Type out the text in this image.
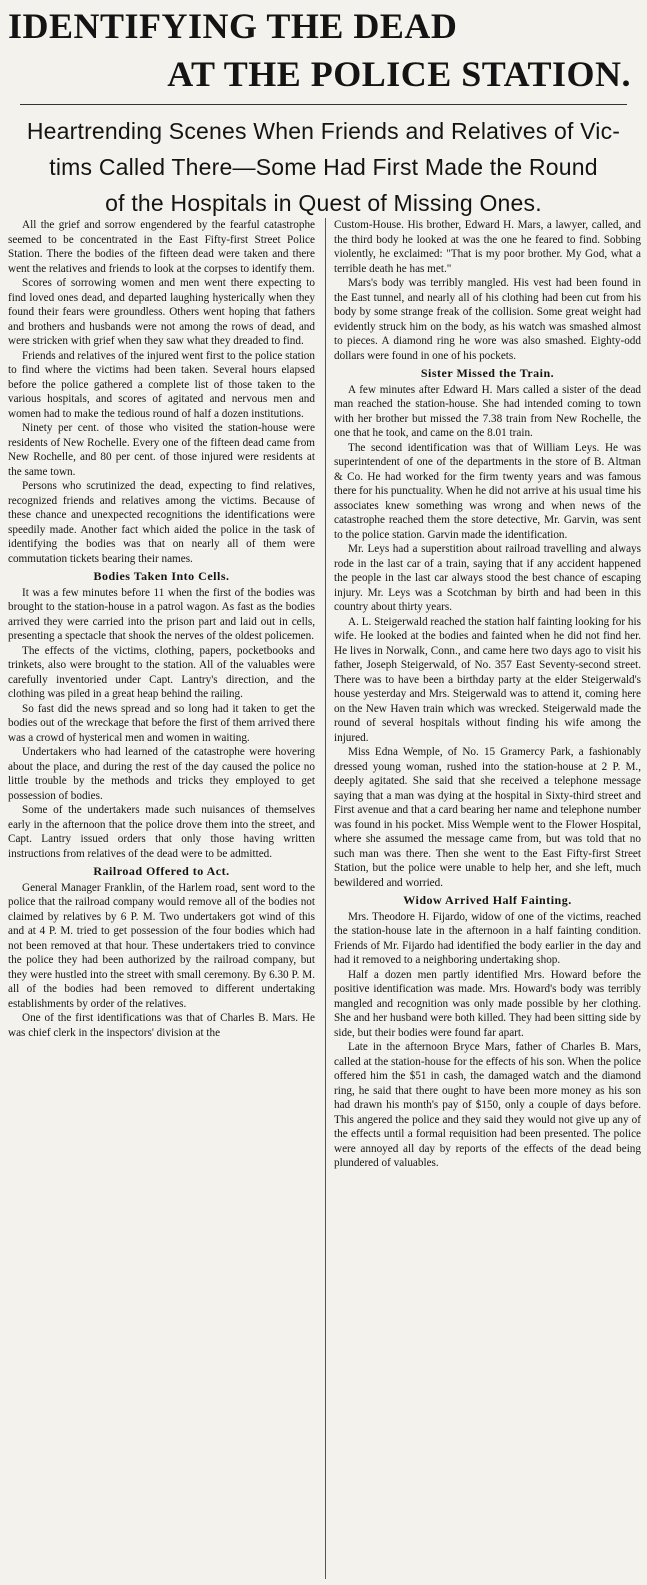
IDENTIFYING THE DEAD
AT THE POLICE STATION.
Heartrending Scenes When Friends and Relatives of Vic-
tims Called There—Some Had First Made the Round
of the Hospitals in Quest of Missing Ones.

All the grief and sorrow engendered by the fearful catastrophe seemed to be concentrated in the East Fifty-first Street Police Station. There the bodies of the fifteen dead were taken and there went the relatives and friends to look at the corpses to identify them.

Scores of sorrowing women and men went there expecting to find loved ones dead, and departed laughing hysterically when they found their fears were groundless. Others went hoping that fathers and brothers and husbands were not among the rows of dead, and were stricken with grief when they saw what they dreaded to find.

Friends and relatives of the injured went first to the police station to find where the victims had been taken. Several hours elapsed before the police gathered a complete list of those taken to the various hospitals, and scores of agitated and nervous men and women had to make the tedious round of half a dozen institutions.

Ninety per cent. of those who visited the station-house were residents of New Rochelle. Every one of the fifteen dead came from New Rochelle, and 80 per cent. of those injured were residents at the same town.

Persons who scrutinized the dead, expecting to find relatives, recognized friends and relatives among the victims. Because of these chance and unexpected recognitions the identifications were speedily made. Another fact which aided the police in the task of identifying the bodies was that on nearly all of them were commutation tickets bearing their names.

Bodies Taken Into Cells.

It was a few minutes before 11 when the first of the bodies was brought to the station-house in a patrol wagon. As fast as the bodies arrived they were carried into the prison part and laid out in cells, presenting a spectacle that shook the nerves of the oldest policemen.

The effects of the victims, clothing, papers, pocketbooks and trinkets, also were brought to the station. All of the valuables were carefully inventoried under Capt. Lantry's direction, and the clothing was piled in a great heap behind the railing.

So fast did the news spread and so long had it taken to get the bodies out of the wreckage that before the first of them arrived there was a crowd of hysterical men and women in waiting.

Undertakers who had learned of the catastrophe were hovering about the place, and during the rest of the day caused the police no little trouble by the methods and tricks they employed to get possession of bodies.

Some of the undertakers made such nuisances of themselves early in the afternoon that the police drove them into the street, and Capt. Lantry issued orders that only those having written instructions from relatives of the dead were to be admitted.

Railroad Offered to Act.

General Manager Franklin, of the Harlem road, sent word to the police that the railroad company would remove all of the bodies not claimed by relatives by 6 P. M. Two undertakers got wind of this and at 4 P. M. tried to get possession of the four bodies which had not been removed at that hour. These undertakers tried to convince the police they had been authorized by the railroad company, but they were hustled into the street with small ceremony. By 6.30 P. M. all of the bodies had been removed to different undertaking establishments by order of the relatives.

One of the first identifications was that of Charles B. Mars. He was chief clerk in the inspectors' division at the

Custom-House. His brother, Edward H. Mars, a lawyer, called, and the third body he looked at was the one he feared to find. Sobbing violently, he exclaimed: "That is my poor brother. My God, what a terrible death he has met."

Mars's body was terribly mangled. His vest had been found in the East tunnel, and nearly all of his clothing had been cut from his body by some strange freak of the collision. Some great weight had evidently struck him on the body, as his watch was smashed almost to pieces. A diamond ring he wore was also smashed. Eighty-odd dollars were found in one of his pockets.

Sister Missed the Train.

A few minutes after Edward H. Mars called a sister of the dead man reached the station-house. She had intended coming to town with her brother but missed the 7.38 train from New Rochelle, the one that he took, and came on the 8.01 train.

The second identification was that of William Leys. He was superintendent of one of the departments in the store of B. Altman & Co. He had worked for the firm twenty years and was famous there for his punctuality. When he did not arrive at his usual time his associates knew something was wrong and when news of the catastrophe reached them the store detective, Mr. Garvin, was sent to the police station. Garvin made the identification.

Mr. Leys had a superstition about railroad travelling and always rode in the last car of a train, saying that if any accident happened the people in the last car always stood the best chance of escaping injury. Mr. Leys was a Scotchman by birth and had been in this country about thirty years.

A. L. Steigerwald reached the station half fainting looking for his wife. He looked at the bodies and fainted when he did not find her. He lives in Norwalk, Conn., and came here two days ago to visit his father, Joseph Steigerwald, of No. 357 East Seventy-second street. There was to have been a birthday party at the elder Steigerwald's house yesterday and Mrs. Steigerwald was to attend it, coming here on the New Haven train which was wrecked. Steigerwald made the round of several hospitals without finding his wife among the injured.

Miss Edna Wemple, of No. 15 Gramercy Park, a fashionably dressed young woman, rushed into the station-house at 2 P. M., deeply agitated. She said that she received a telephone message saying that a man was dying at the hospital in Sixty-third street and First avenue and that a card bearing her name and telephone number was found in his pocket. Miss Wemple went to the Flower Hospital, where she assumed the message came from, but was told that no such man was there. Then she went to the East Fifty-first Street Station, but the police were unable to help her, and she left, much bewildered and worried.

Widow Arrived Half Fainting.

Mrs. Theodore H. Fijardo, widow of one of the victims, reached the station-house late in the afternoon in a half fainting condition. Friends of Mr. Fijardo had identified the body earlier in the day and had it removed to a neighboring undertaking shop.

Half a dozen men partly identified Mrs. Howard before the positive identification was made. Mrs. Howard's body was terribly mangled and recognition was only made possible by her clothing. She and her husband were both killed. They had been sitting side by side, but their bodies were found far apart.

Late in the afternoon Bryce Mars, father of Charles B. Mars, called at the station-house for the effects of his son. When the police offered him the $51 in cash, the damaged watch and the diamond ring, he said that there ought to have been more money as his son had drawn his month's pay of $150, only a couple of days before. This angered the police and they said they would not give up any of the effects until a formal requisition had been presented. The police were annoyed all day by reports of the effects of the dead being plundered of valuables.
